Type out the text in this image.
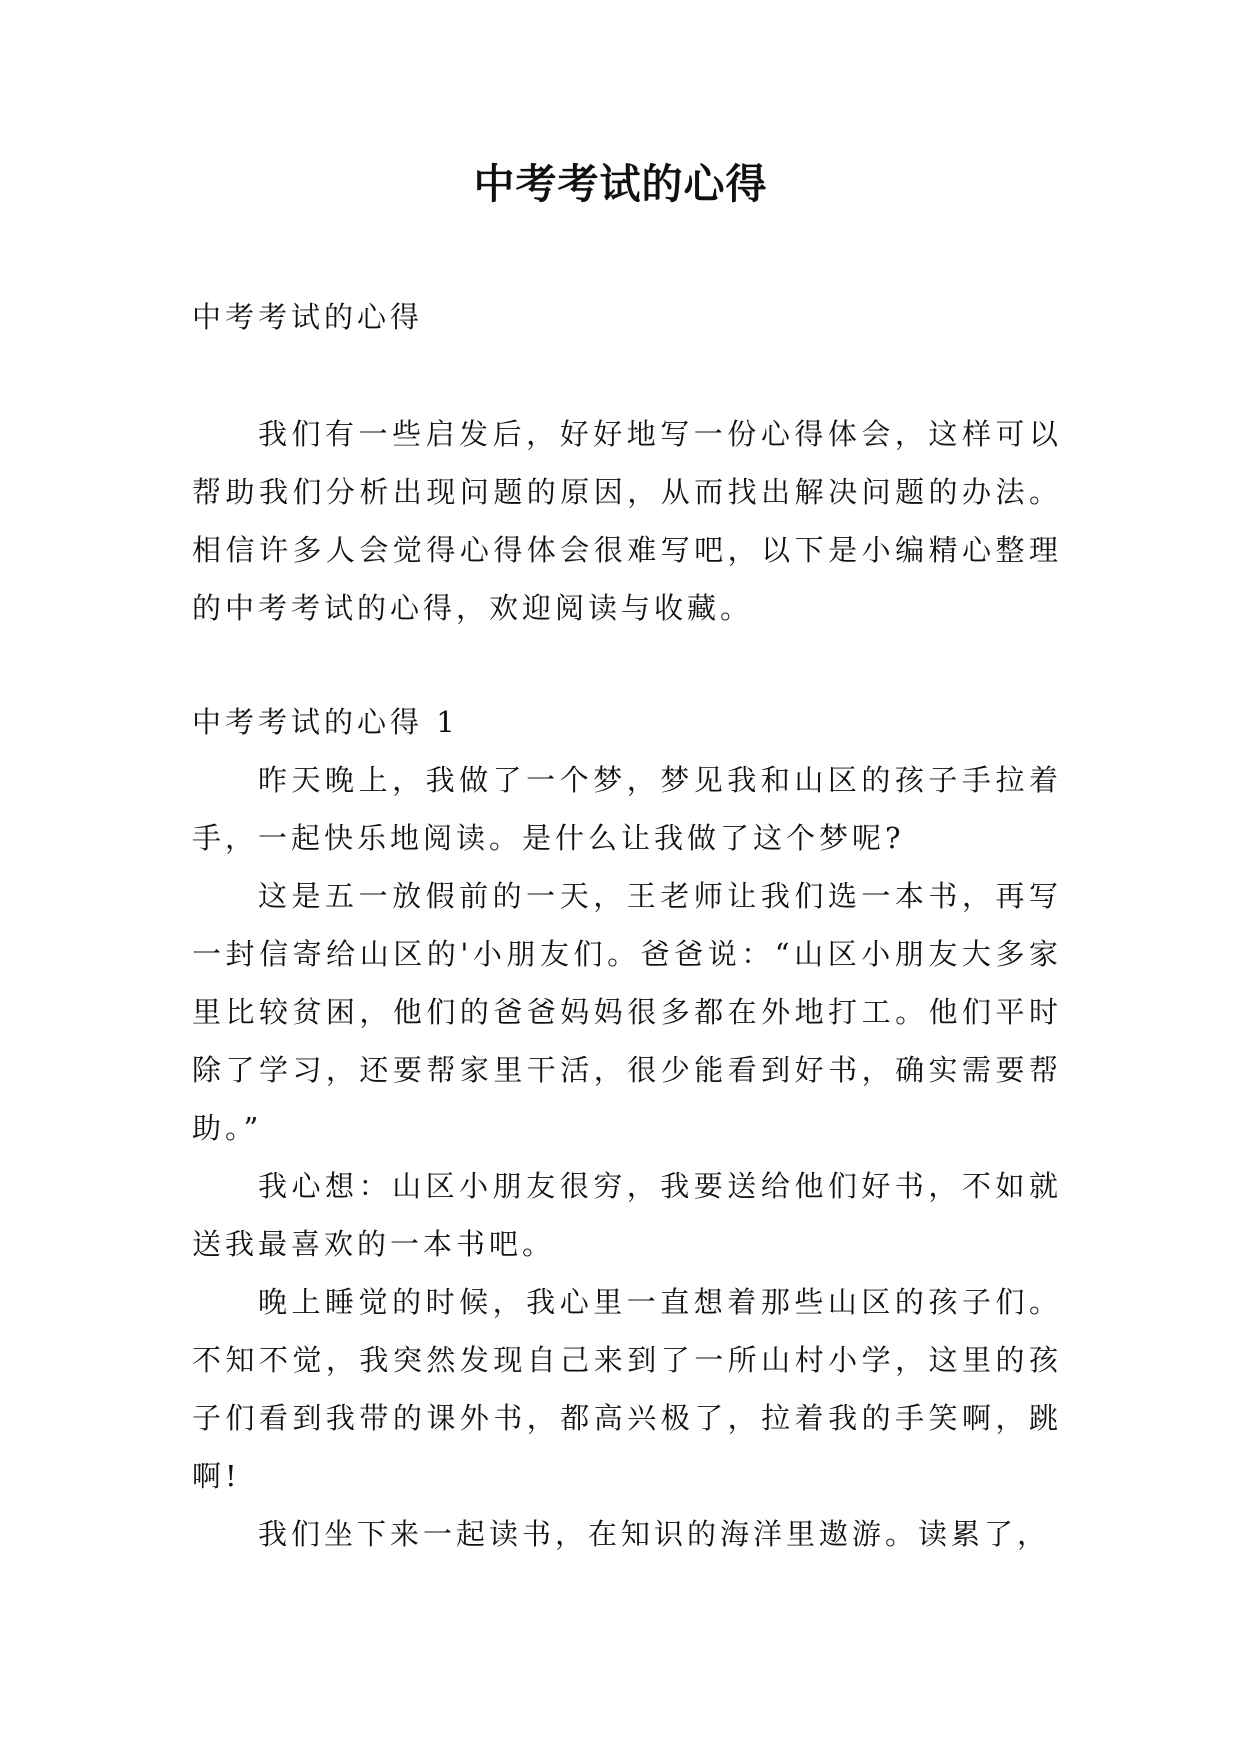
中考考试的心得
中考考试的心得

我们有一些启发后，好好地写一份心得体会，这样可以帮助我们分析出现问题的原因，从而找出解决问题的办法。相信许多人会觉得心得体会很难写吧，以下是小编精心整理的中考考试的心得，欢迎阅读与收藏。

中考考试的心得 1

昨天晚上，我做了一个梦，梦见我和山区的孩子手拉着手，一起快乐地阅读。是什么让我做了这个梦呢?

这是五一放假前的一天，王老师让我们选一本书，再写一封信寄给山区的'小朋友们。爸爸说：“山区小朋友大多家里比较贫困，他们的爸爸妈妈很多都在外地打工。他们平时除了学习，还要帮家里干活，很少能看到好书，确实需要帮助。”

我心想：山区小朋友很穷，我要送给他们好书，不如就送我最喜欢的一本书吧。

晚上睡觉的时候，我心里一直想着那些山区的孩子们。不知不觉，我突然发现自己来到了一所山村小学，这里的孩子们看到我带的课外书，都高兴极了，拉着我的手笑啊，跳啊!

我们坐下来一起读书，在知识的海洋里遨游。读累了，
